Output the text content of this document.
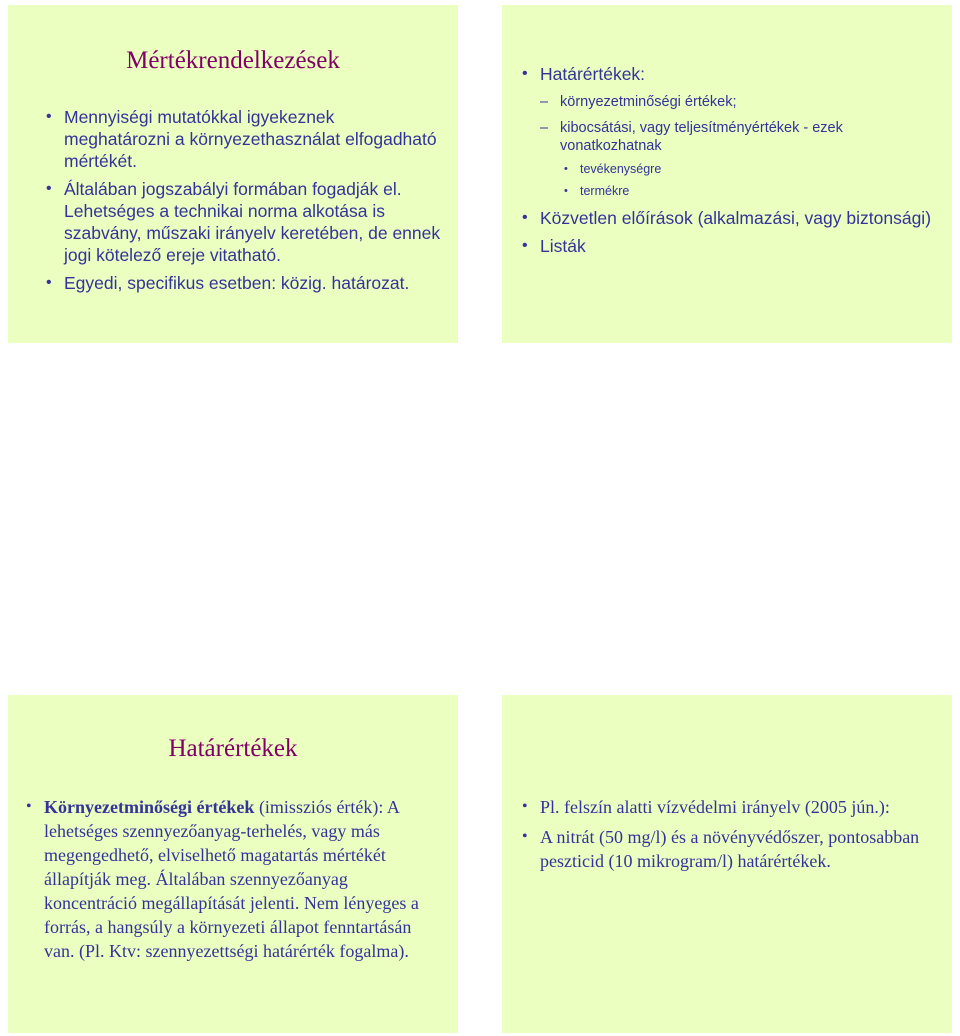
Mértékrendelkezések
• Mennyiségi mutatókkal igyekeznek meghatározni a környezethasználat elfogadható mértékét.
• Általában jogszabályi formában fogadják el. Lehetséges a technikai norma alkotása is szabvány, műszaki irányelv keretében, de ennek jogi kötelező ereje vitatható.
• Egyedi, specifikus esetben: közig. határozat.
• Határértékek:
– környezetminőségi értékek;
– kibocsátási, vagy teljesítményértékek - ezek vonatkozhatnak
• tevékenységre
• termékre
• Közvetlen előírások (alkalmazási, vagy biztonsági)
• Listák
Határértékek
• Környezetminőségi értékek (imissziós érték): A lehetséges szennyezőanyag-terhelés, vagy más megengedhető, elviselhető magatartás mértékét állapítják meg. Általában szennyezőanyag koncentráció megállapítását jelenti. Nem lényeges a forrás, a hangsúly a környezeti állapot fenntartásán van. (Pl. Ktv: szennyezettségi határérték fogalma).
• Pl. felszín alatti vízvédelmi irányelv (2005 jún.):
• A nitrát (50 mg/l) és a növényvédőszer, pontosabban peszticid (10 mikrogram/l) határértékek.
